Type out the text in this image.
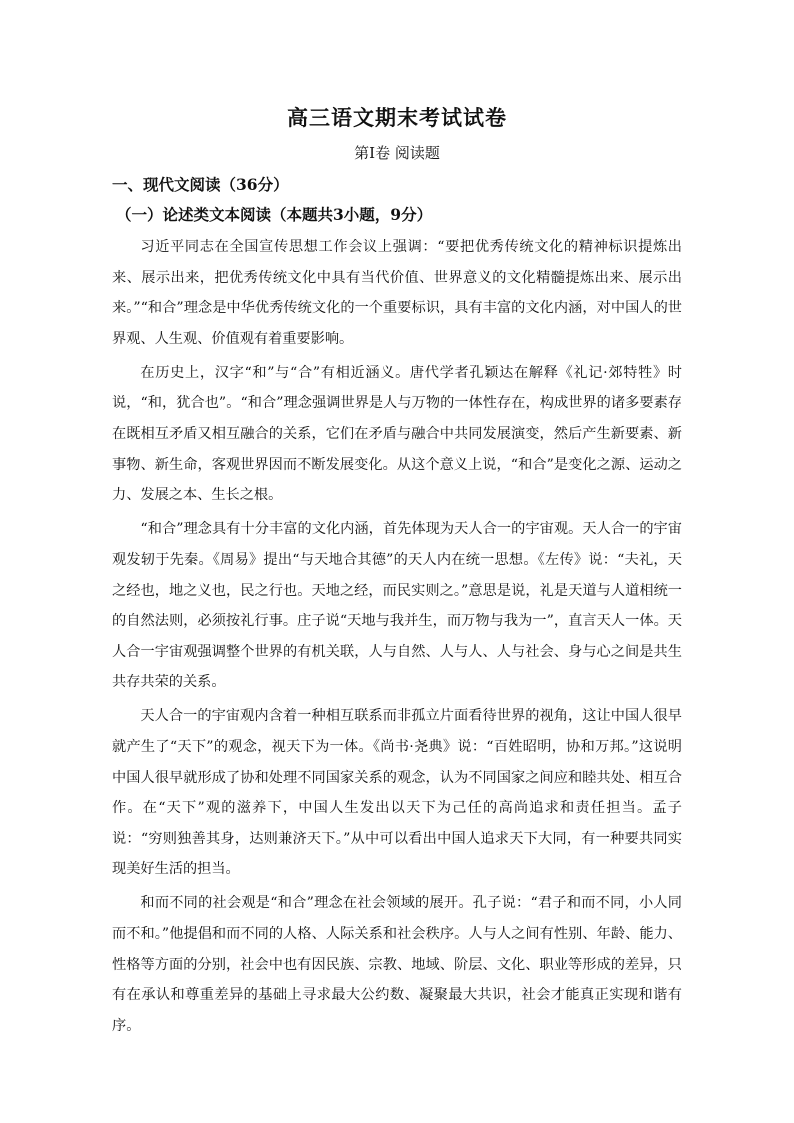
高三语文期末考试试卷
第Ⅰ卷 阅读题
一、现代文阅读（36分）
（一）论述类文本阅读（本题共3小题，9分）

习近平同志在全国宣传思想工作会议上强调：“要把优秀传统文化的精神标识提炼出来、展示出来，把优秀传统文化中具有当代价值、世界意义的文化精髓提炼出来、展示出来。”“和合”理念是中华优秀传统文化的一个重要标识，具有丰富的文化内涵，对中国人的世界观、人生观、价值观有着重要影响。

在历史上，汉字“和”与“合”有相近涵义。唐代学者孔颖达在解释《礼记·郊特牲》时说，“和，犹合也”。“和合”理念强调世界是人与万物的一体性存在，构成世界的诸多要素存在既相互矛盾又相互融合的关系，它们在矛盾与融合中共同发展演变，然后产生新要素、新事物、新生命，客观世界因而不断发展变化。从这个意义上说，“和合”是变化之源、运动之力、发展之本、生长之根。

“和合”理念具有十分丰富的文化内涵，首先体现为天人合一的宇宙观。天人合一的宇宙观发轫于先秦。《周易》提出“与天地合其德”的天人内在统一思想。《左传》说：“夫礼，天之经也，地之义也，民之行也。天地之经，而民实则之。”意思是说，礼是天道与人道相统一的自然法则，必须按礼行事。庄子说“天地与我并生，而万物与我为一”，直言天人一体。天人合一宇宙观强调整个世界的有机关联，人与自然、人与人、人与社会、身与心之间是共生共存共荣的关系。

天人合一的宇宙观内含着一种相互联系而非孤立片面看待世界的视角，这让中国人很早就产生了“天下”的观念，视天下为一体。《尚书·尧典》说：“百姓昭明，协和万邦。”这说明中国人很早就形成了协和处理不同国家关系的观念，认为不同国家之间应和睦共处、相互合作。在“天下”观的滋养下，中国人生发出以天下为己任的高尚追求和责任担当。孟子说：“穷则独善其身，达则兼济天下。”从中可以看出中国人追求天下大同，有一种要共同实现美好生活的担当。

和而不同的社会观是“和合”理念在社会领域的展开。孔子说：“君子和而不同，小人同而不和。”他提倡和而不同的人格、人际关系和社会秩序。人与人之间有性别、年龄、能力、性格等方面的分别，社会中也有因民族、宗教、地域、阶层、文化、职业等形成的差异，只有在承认和尊重差异的基础上寻求最大公约数、凝聚最大共识，社会才能真正实现和谐有序。
